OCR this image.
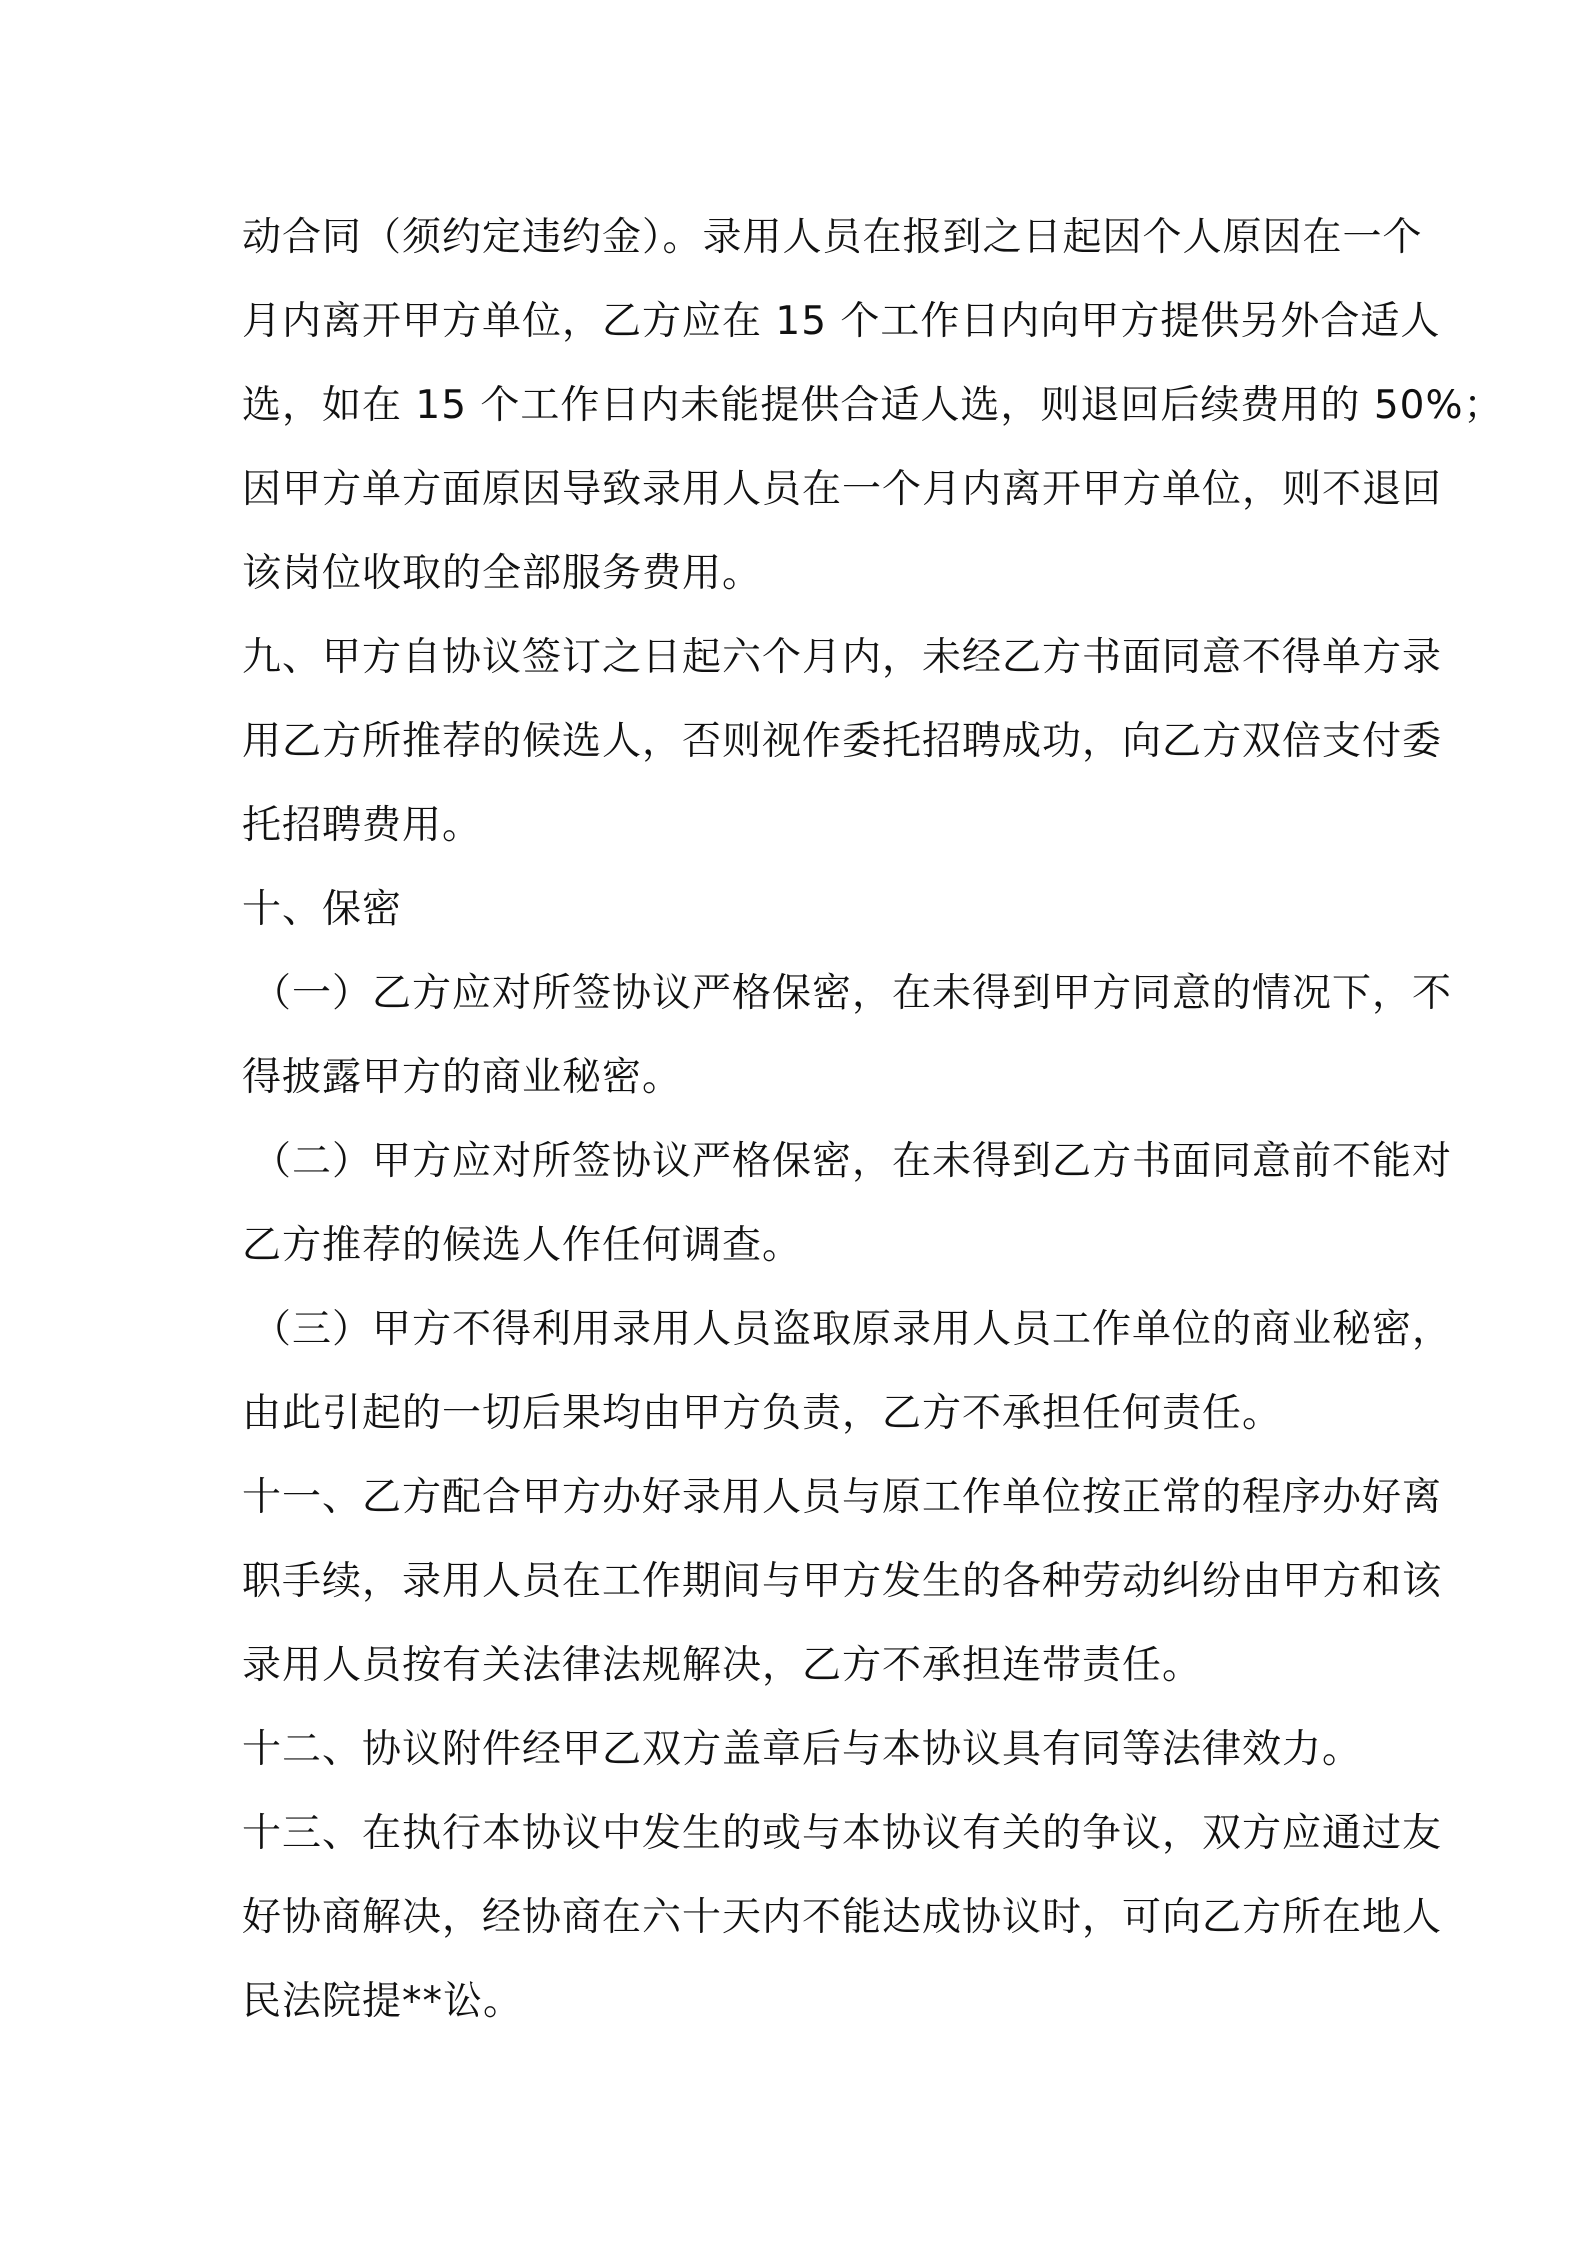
动合同（须约定违约金）。录用人员在报到之日起因个人原因在一个
月内离开甲方单位，乙方应在 15 个工作日内向甲方提供另外合适人
选，如在 15 个工作日内未能提供合适人选，则退回后续费用的 50%；
因甲方单方面原因导致录用人员在一个月内离开甲方单位，则不退回
该岗位收取的全部服务费用。
九、甲方自协议签订之日起六个月内，未经乙方书面同意不得单方录
用乙方所推荐的候选人，否则视作委托招聘成功，向乙方双倍支付委
托招聘费用。
十、保密
（一）乙方应对所签协议严格保密，在未得到甲方同意的情况下，不
得披露甲方的商业秘密。
（二）甲方应对所签协议严格保密，在未得到乙方书面同意前不能对
乙方推荐的候选人作任何调查。
（三）甲方不得利用录用人员盗取原录用人员工作单位的商业秘密，
由此引起的一切后果均由甲方负责，乙方不承担任何责任。
十一、乙方配合甲方办好录用人员与原工作单位按正常的程序办好离
职手续，录用人员在工作期间与甲方发生的各种劳动纠纷由甲方和该
录用人员按有关法律法规解决，乙方不承担连带责任。
十二、协议附件经甲乙双方盖章后与本协议具有同等法律效力。
十三、在执行本协议中发生的或与本协议有关的争议，双方应通过友
好协商解决，经协商在六十天内不能达成协议时，可向乙方所在地人
民法院提**讼。
